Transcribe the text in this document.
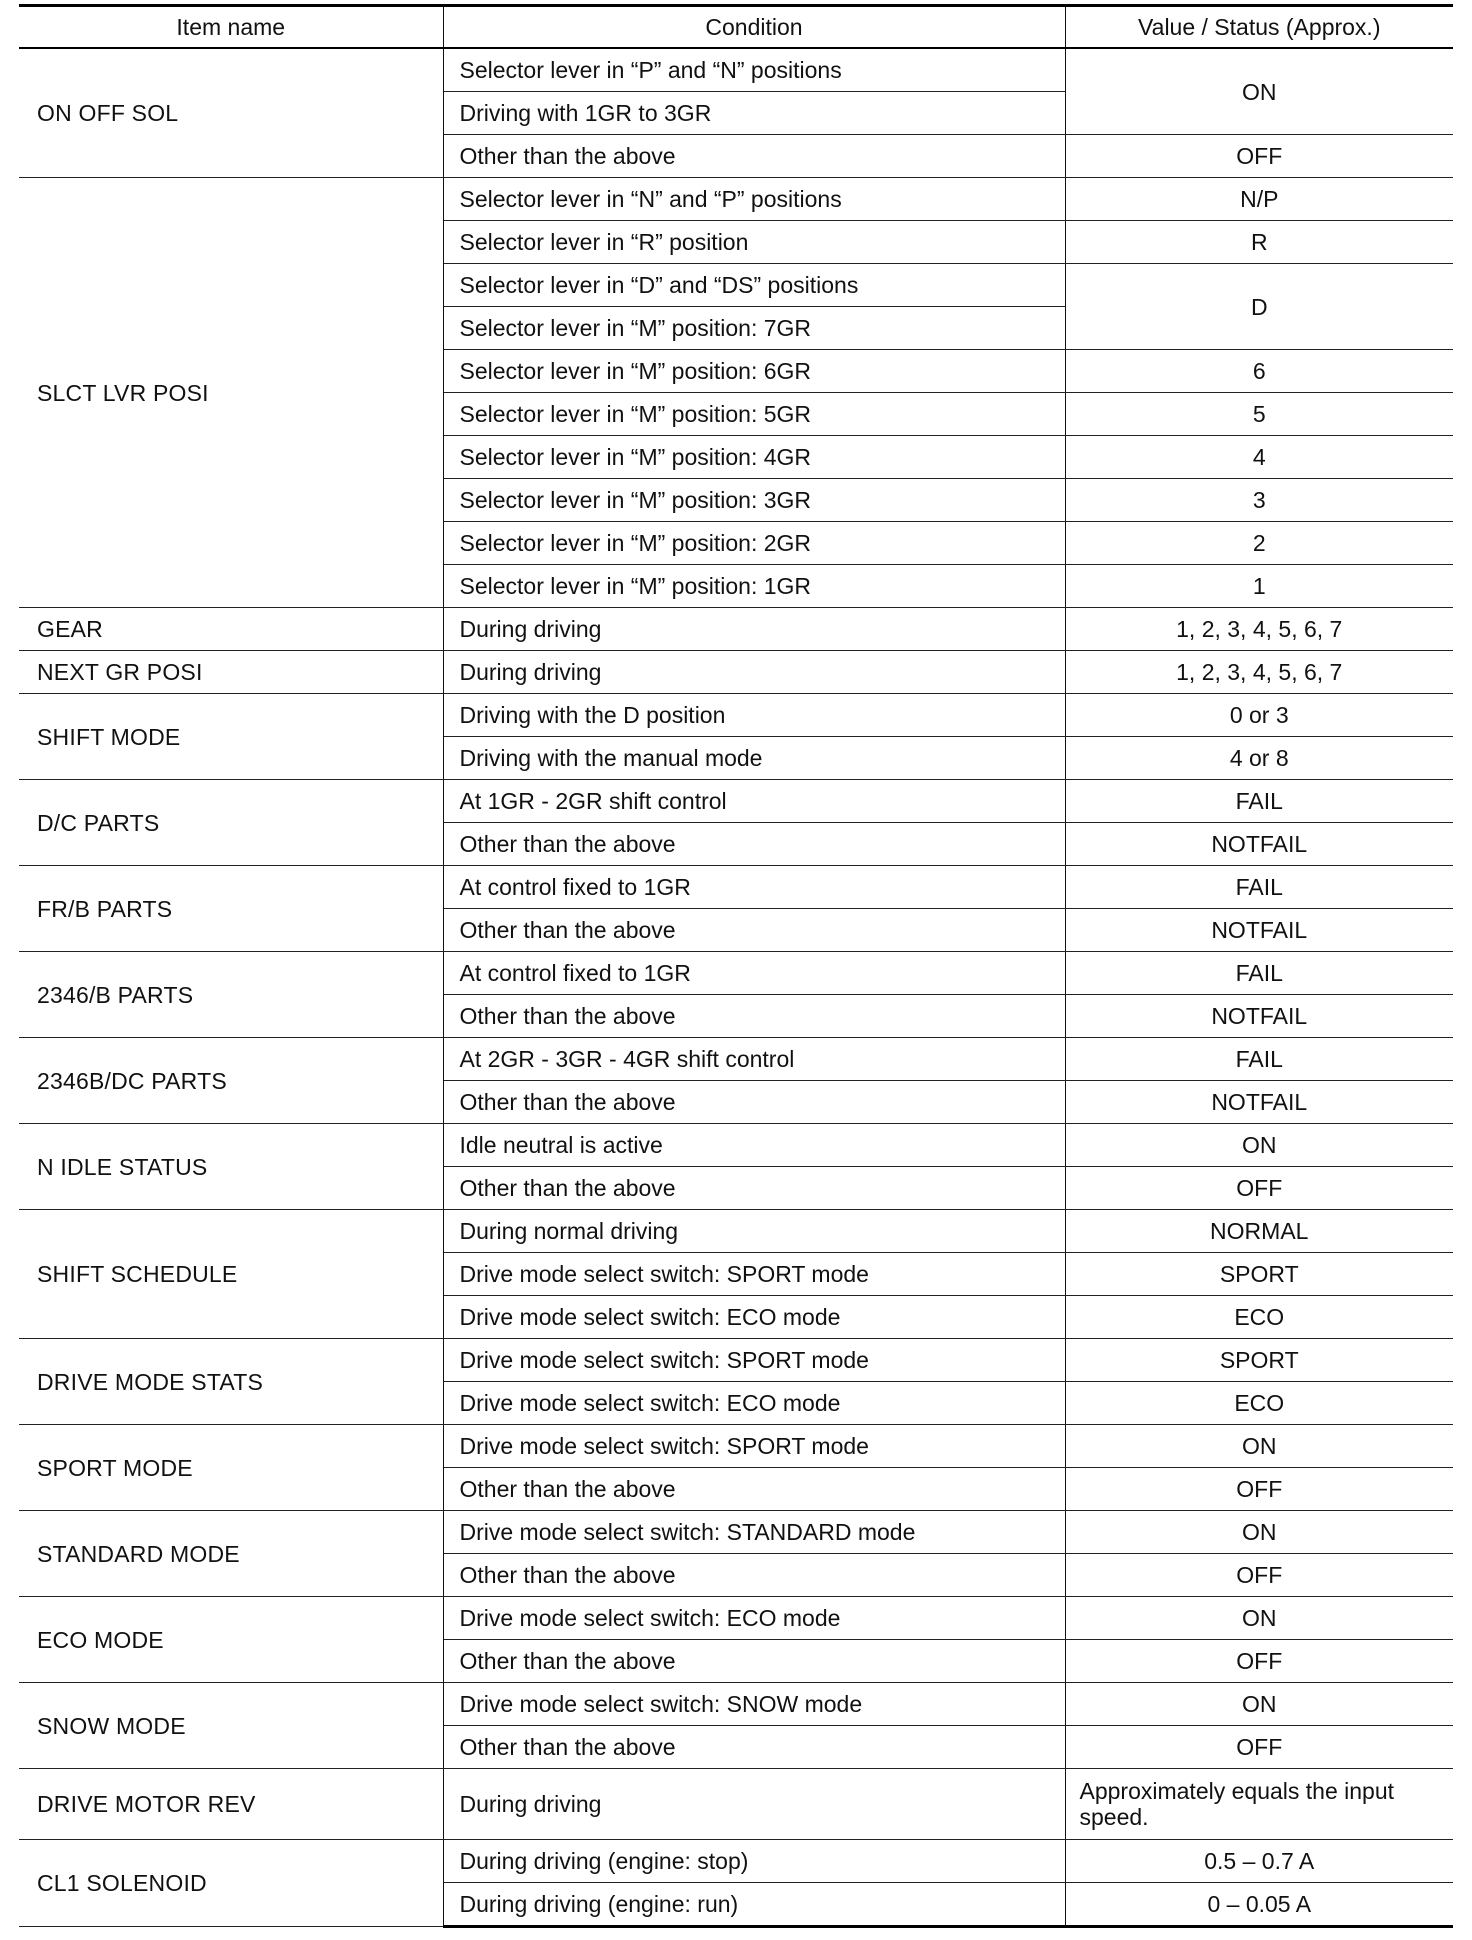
Item name	Condition	Value / Status (Approx.)
ON OFF SOL	Selector lever in “P” and “N” positions	ON
	Driving with 1GR to 3GR	
	Other than the above	OFF
SLCT LVR POSI	Selector lever in “N” and “P” positions	N/P
	Selector lever in “R” position	R
	Selector lever in “D” and “DS” positions	D
	Selector lever in “M” position: 7GR	
	Selector lever in “M” position: 6GR	6
	Selector lever in “M” position: 5GR	5
	Selector lever in “M” position: 4GR	4
	Selector lever in “M” position: 3GR	3
	Selector lever in “M” position: 2GR	2
	Selector lever in “M” position: 1GR	1
GEAR	During driving	1, 2, 3, 4, 5, 6, 7
NEXT GR POSI	During driving	1, 2, 3, 4, 5, 6, 7
SHIFT MODE	Driving with the D position	0 or 3
	Driving with the manual mode	4 or 8
D/C PARTS	At 1GR - 2GR shift control	FAIL
	Other than the above	NOTFAIL
FR/B PARTS	At control fixed to 1GR	FAIL
	Other than the above	NOTFAIL
2346/B PARTS	At control fixed to 1GR	FAIL
	Other than the above	NOTFAIL
2346B/DC PARTS	At 2GR - 3GR - 4GR shift control	FAIL
	Other than the above	NOTFAIL
N IDLE STATUS	Idle neutral is active	ON
	Other than the above	OFF
SHIFT SCHEDULE	During normal driving	NORMAL
	Drive mode select switch: SPORT mode	SPORT
	Drive mode select switch: ECO mode	ECO
DRIVE MODE STATS	Drive mode select switch: SPORT mode	SPORT
	Drive mode select switch: ECO mode	ECO
SPORT MODE	Drive mode select switch: SPORT mode	ON
	Other than the above	OFF
STANDARD MODE	Drive mode select switch: STANDARD mode	ON
	Other than the above	OFF
ECO MODE	Drive mode select switch: ECO mode	ON
	Other than the above	OFF
SNOW MODE	Drive mode select switch: SNOW mode	ON
	Other than the above	OFF
DRIVE MOTOR REV	During driving	Approximately equals the input speed.
CL1 SOLENOID	During driving (engine: stop)	0.5 – 0.7 A
	During driving (engine: run)	0 – 0.05 A
